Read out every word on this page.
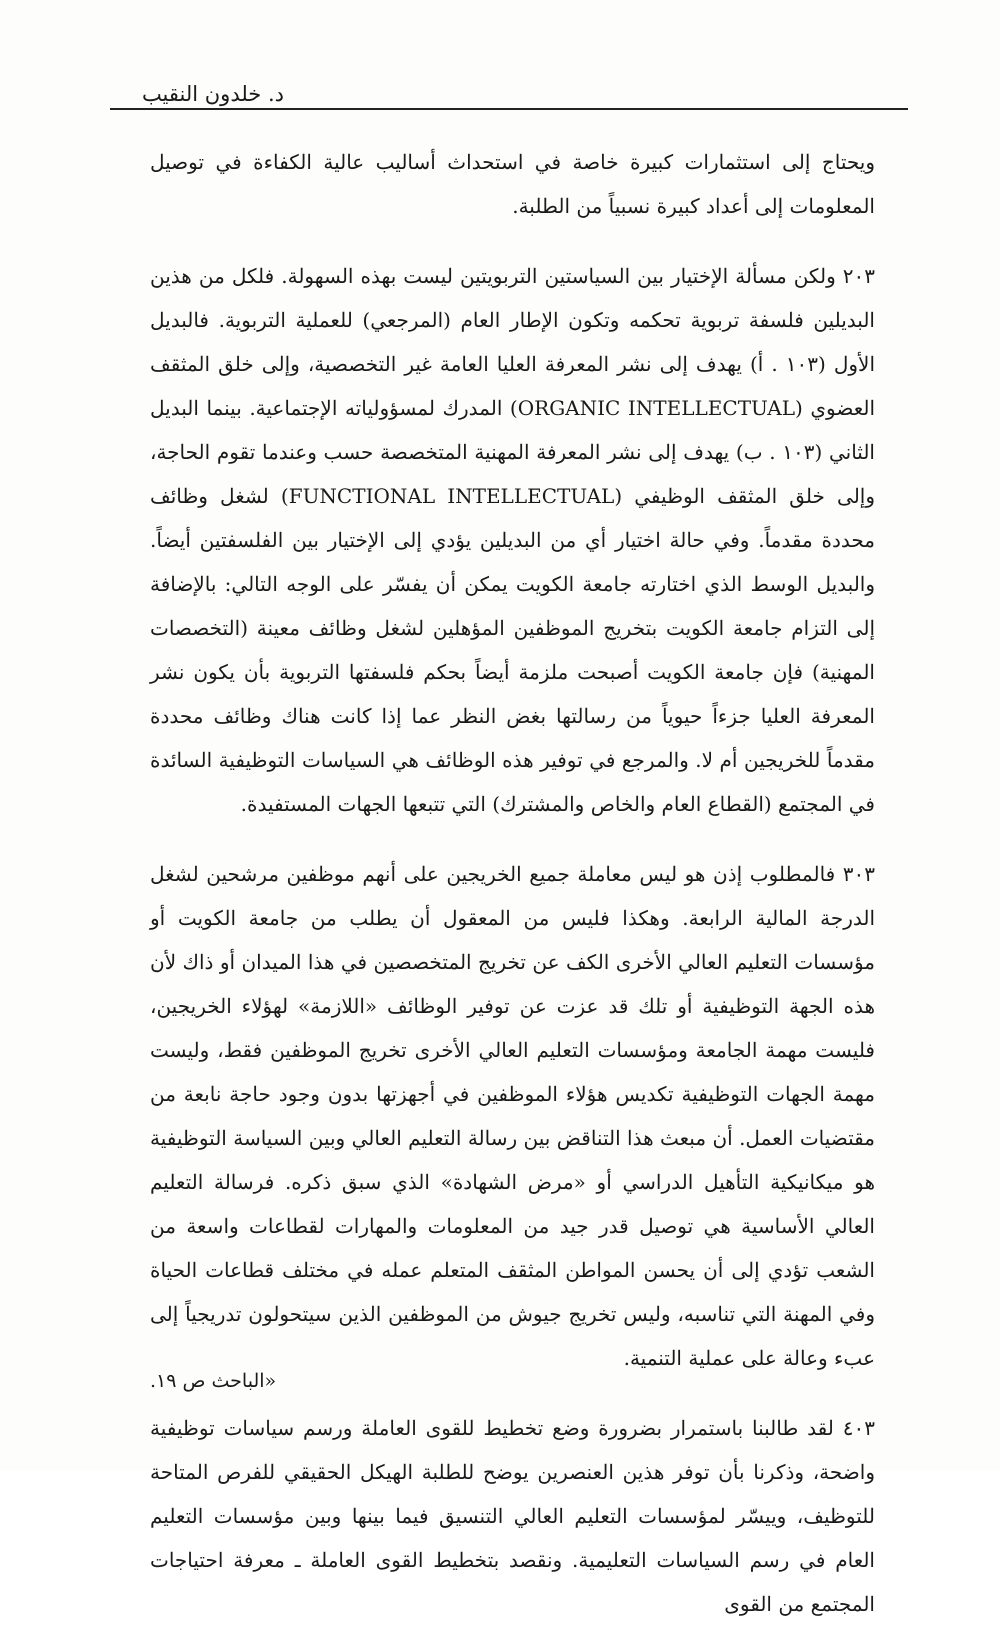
د. خلدون النقيب

ويحتاج إلى استثمارات كبيرة خاصة في استحداث أساليب عالية الكفاءة في توصيل المعلومات إلى أعداد كبيرة نسبياً من الطلبة.

٢٠٣ ولكن مسألة الإختيار بين السياستين التربويتين ليست بهذه السهولة. فلكل من هذين البديلين فلسفة تربوية تحكمه وتكون الإطار العام (المرجعي) للعملية التربوية. فالبديل الأول (١٠٣ . أ) يهدف إلى نشر المعرفة العليا العامة غير التخصصية، وإلى خلق المثقف العضوي (ORGANIC INTELLECTUAL) المدرك لمسؤولياته الإجتماعية. بينما البديل الثاني (١٠٣ . ب) يهدف إلى نشر المعرفة المهنية المتخصصة حسب وعندما تقوم الحاجة، وإلى خلق المثقف الوظيفي (FUNCTIONAL INTELLECTUAL) لشغل وظائف محددة مقدماً. وفي حالة اختيار أي من البديلين يؤدي إلى الإختيار بين الفلسفتين أيضاً. والبديل الوسط الذي اختارته جامعة الكويت يمكن أن يفسّر على الوجه التالي: بالإضافة إلى التزام جامعة الكويت بتخريج الموظفين المؤهلين لشغل وظائف معينة (التخصصات المهنية) فإن جامعة الكويت أصبحت ملزمة أيضاً بحكم فلسفتها التربوية بأن يكون نشر المعرفة العليا جزءاً حيوياً من رسالتها بغض النظر عما إذا كانت هناك وظائف محددة مقدماً للخريجين أم لا. والمرجع في توفير هذه الوظائف هي السياسات التوظيفية السائدة في المجتمع (القطاع العام والخاص والمشترك) التي تتبعها الجهات المستفيدة.

٣٠٣ فالمطلوب إذن هو ليس معاملة جميع الخريجين على أنهم موظفين مرشحين لشغل الدرجة المالية الرابعة. وهكذا فليس من المعقول أن يطلب من جامعة الكويت أو مؤسسات التعليم العالي الأخرى الكف عن تخريج المتخصصين في هذا الميدان أو ذاك لأن هذه الجهة التوظيفية أو تلك قد عزت عن توفير الوظائف «اللازمة» لهؤلاء الخريجين، فليست مهمة الجامعة ومؤسسات التعليم العالي الأخرى تخريج الموظفين فقط، وليست مهمة الجهات التوظيفية تكديس هؤلاء الموظفين في أجهزتها بدون وجود حاجة نابعة من مقتضيات العمل. أن مبعث هذا التناقض بين رسالة التعليم العالي وبين السياسة التوظيفية هو ميكانيكية التأهيل الدراسي أو «مرض الشهادة» الذي سبق ذكره. فرسالة التعليم العالي الأساسية هي توصيل قدر جيد من المعلومات والمهارات لقطاعات واسعة من الشعب تؤدي إلى أن يحسن المواطن المثقف المتعلم عمله في مختلف قطاعات الحياة وفي المهنة التي تناسبه، وليس تخريج جيوش من الموظفين الذين سيتحولون تدريجياً إلى عبء وعالة على عملية التنمية.

٤٠٣ لقد طالبنا باستمرار بضرورة وضع تخطيط للقوى العاملة ورسم سياسات توظيفية واضحة، وذكرنا بأن توفر هذين العنصرين يوضح للطلبة الهيكل الحقيقي للفرص المتاحة للتوظيف، وييسّر لمؤسسات التعليم العالي التنسيق فيما بينها وبين مؤسسات التعليم العام في رسم السياسات التعليمية. ونقصد بتخطيط القوى العاملة ـ معرفة احتياجات المجتمع من القوى

«الباحث ص ١٩.
